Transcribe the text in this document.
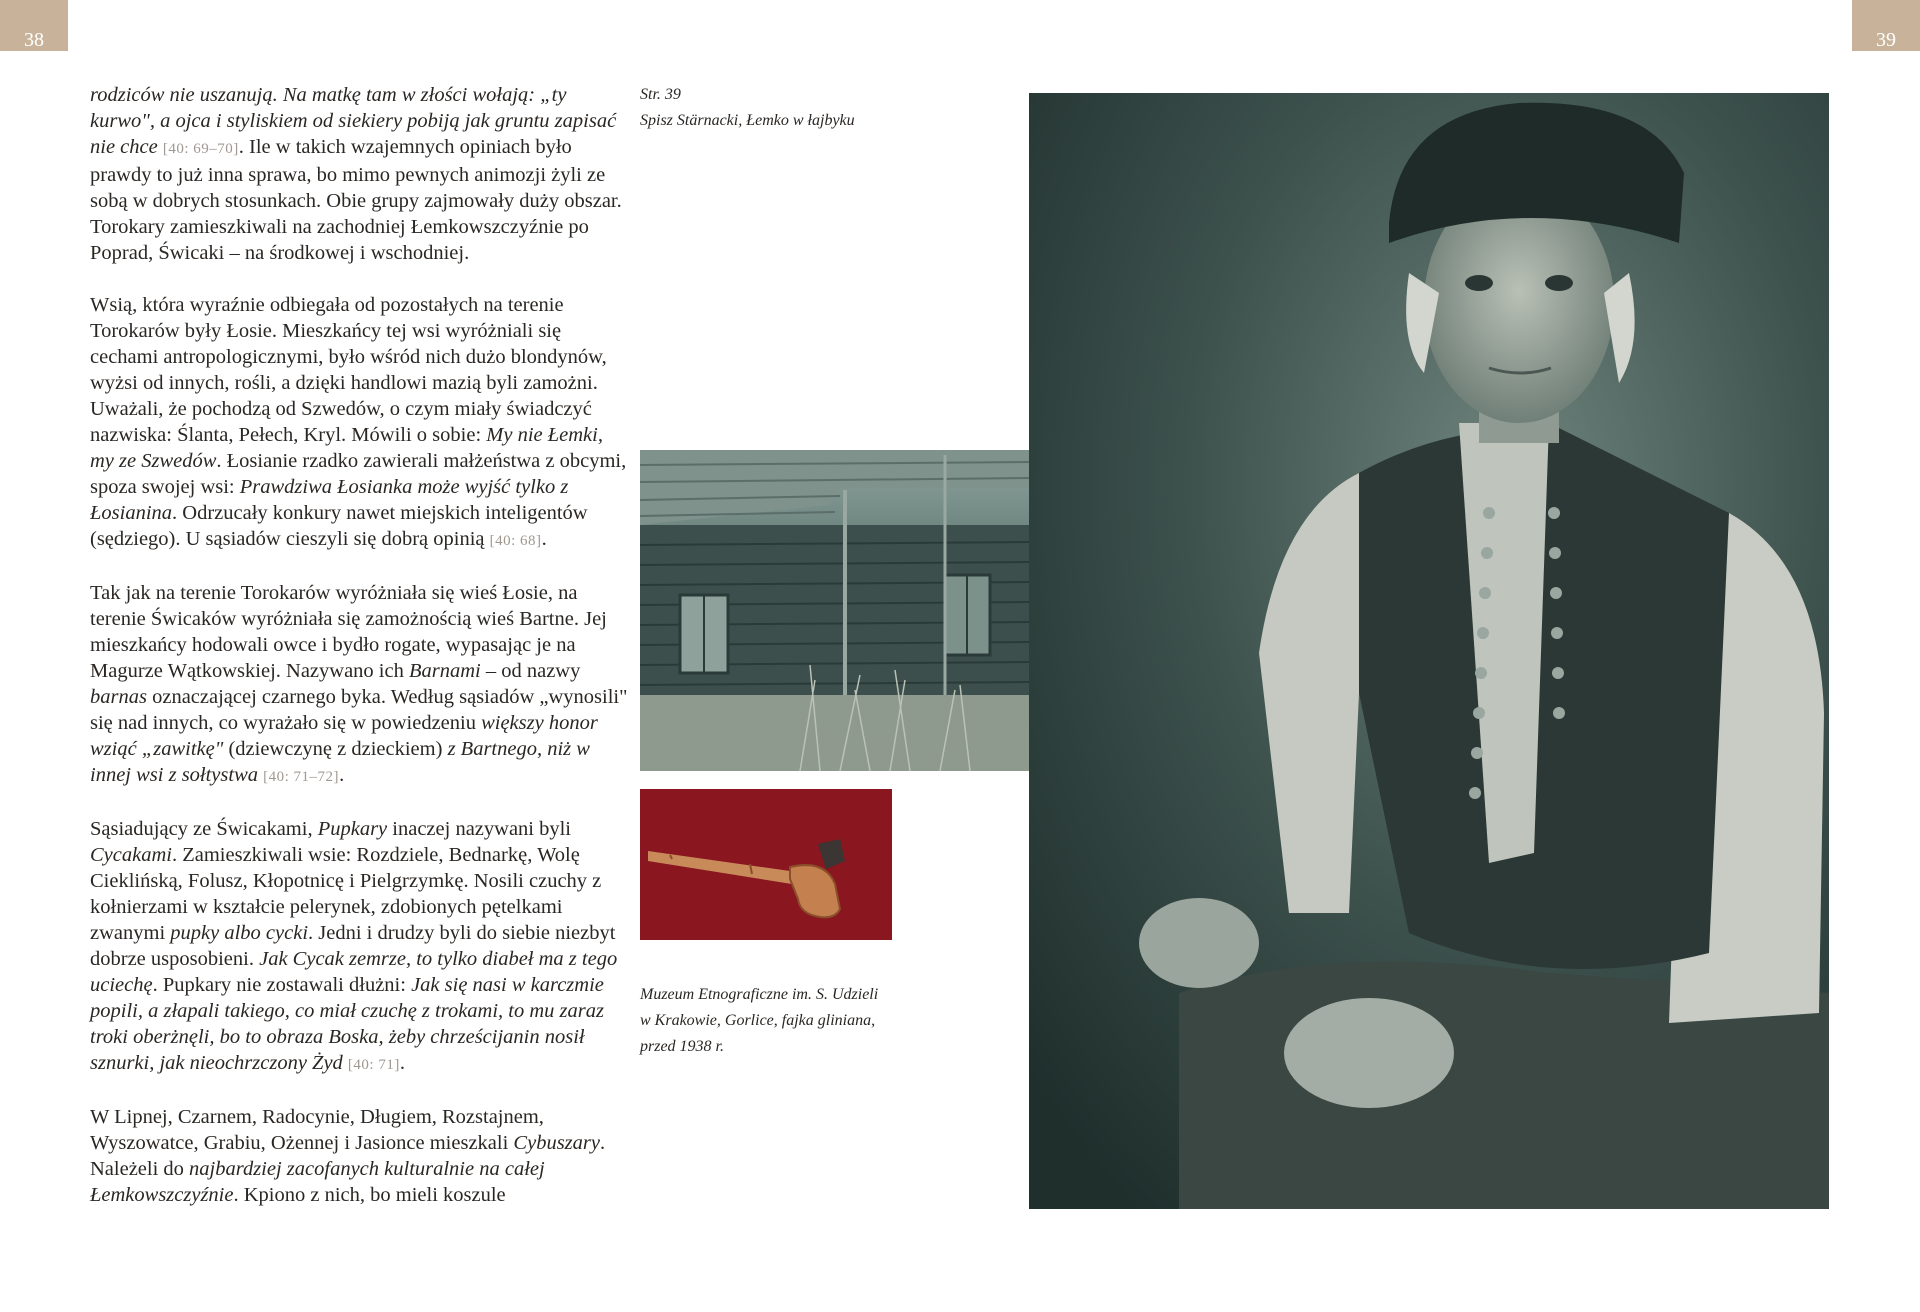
38	39

rodziców nie uszanują. Na matkę tam w złości wołają: „ty kurwo", a ojca i styliskiem od siekiery pobiją jak gruntu zapisać nie chce [40: 69–70]. Ile w takich wzajemnych opiniach było prawdy to już inna sprawa, bo mimo pewnych animozji żyli ze sobą w dobrych stosunkach. Obie grupy zajmowały duży obszar. Torokary zamieszkiwali na zachodniej Łemkowszczyźnie po Poprad, Świcaki – na środkowej i wschodniej.

Wsią, która wyraźnie odbiegała od pozostałych na terenie Torokarów były Łosie. Mieszkańcy tej wsi wyróżniali się cechami antropologicznymi, było wśród nich dużo blondynów, wyżsi od innych, rośli, a dzięki handlowi mazią byli zamożni. Uważali, że pochodzą od Szwedów, o czym miały świadczyć nazwiska: Ślanta, Pełech, Kryl. Mówili o sobie: My nie Łemki, my ze Szwedów. Łosianie rzadko zawierali małżeństwa z obcymi, spoza swojej wsi: Prawdziwa Łosianka może wyjść tylko z Łosianina. Odrzucały konkury nawet miejskich inteligentów (sędziego). U sąsiadów cieszyli się dobrą opinią [40: 68].

Tak jak na terenie Torokarów wyróżniała się wieś Łosie, na terenie Świcaków wyróżniała się zamożnością wieś Bartne. Jej mieszkańcy hodowali owce i bydło rogate, wypasając je na Magurze Wątkowskiej. Nazywano ich Barnami – od nazwy barnas oznaczającej czarnego byka. Według sąsiadów „wynosili" się nad innych, co wyrażało się w powiedzeniu większy honor wziąć „zawitkę" (dziewczynę z dzieckiem) z Bartnego, niż w innej wsi z sołtystwa [40: 71–72].

Sąsiadujący ze Świcakami, Pupkary inaczej nazywani byli Cycakami. Zamieszkiwali wsie: Rozdziele, Bednarkę, Wolę Cieklińską, Folusz, Kłopotnicę i Pielgrzymkę. Nosili czuchy z kołnierzami w kształcie pelerynek, zdobionych pętelkami zwanymi pupky albo cycki. Jedni i drudzy byli do siebie niezbyt dobrze usposobieni. Jak Cycak zemrze, to tylko diabeł ma z tego uciechę. Pupkary nie zostawali dłużni: Jak się nasi w karczmie popili, a złapali takiego, co miał czuchę z trokami, to mu zaraz troki oberżnęli, bo to obraza Boska, żeby chrześcijanin nosił sznurki, jak nieochrzczony Żyd [40: 71].

W Lipnej, Czarnem, Radocynie, Długiem, Rozstajnem, Wyszowatce, Grabiu, Ożennej i Jasionce mieszkali Cybuszary. Należeli do najbardziej zacofanych kulturalnie na całej Łemkowszczyźnie. Kpiono z nich, bo mieli koszule

Str. 39
Spisz Stärnacki, Łemko w łajbyku
Muzeum Etnograficzne im. S. Udzieli
w Krakowie, Gorlice, fajka gliniana,
przed 1938 r.
